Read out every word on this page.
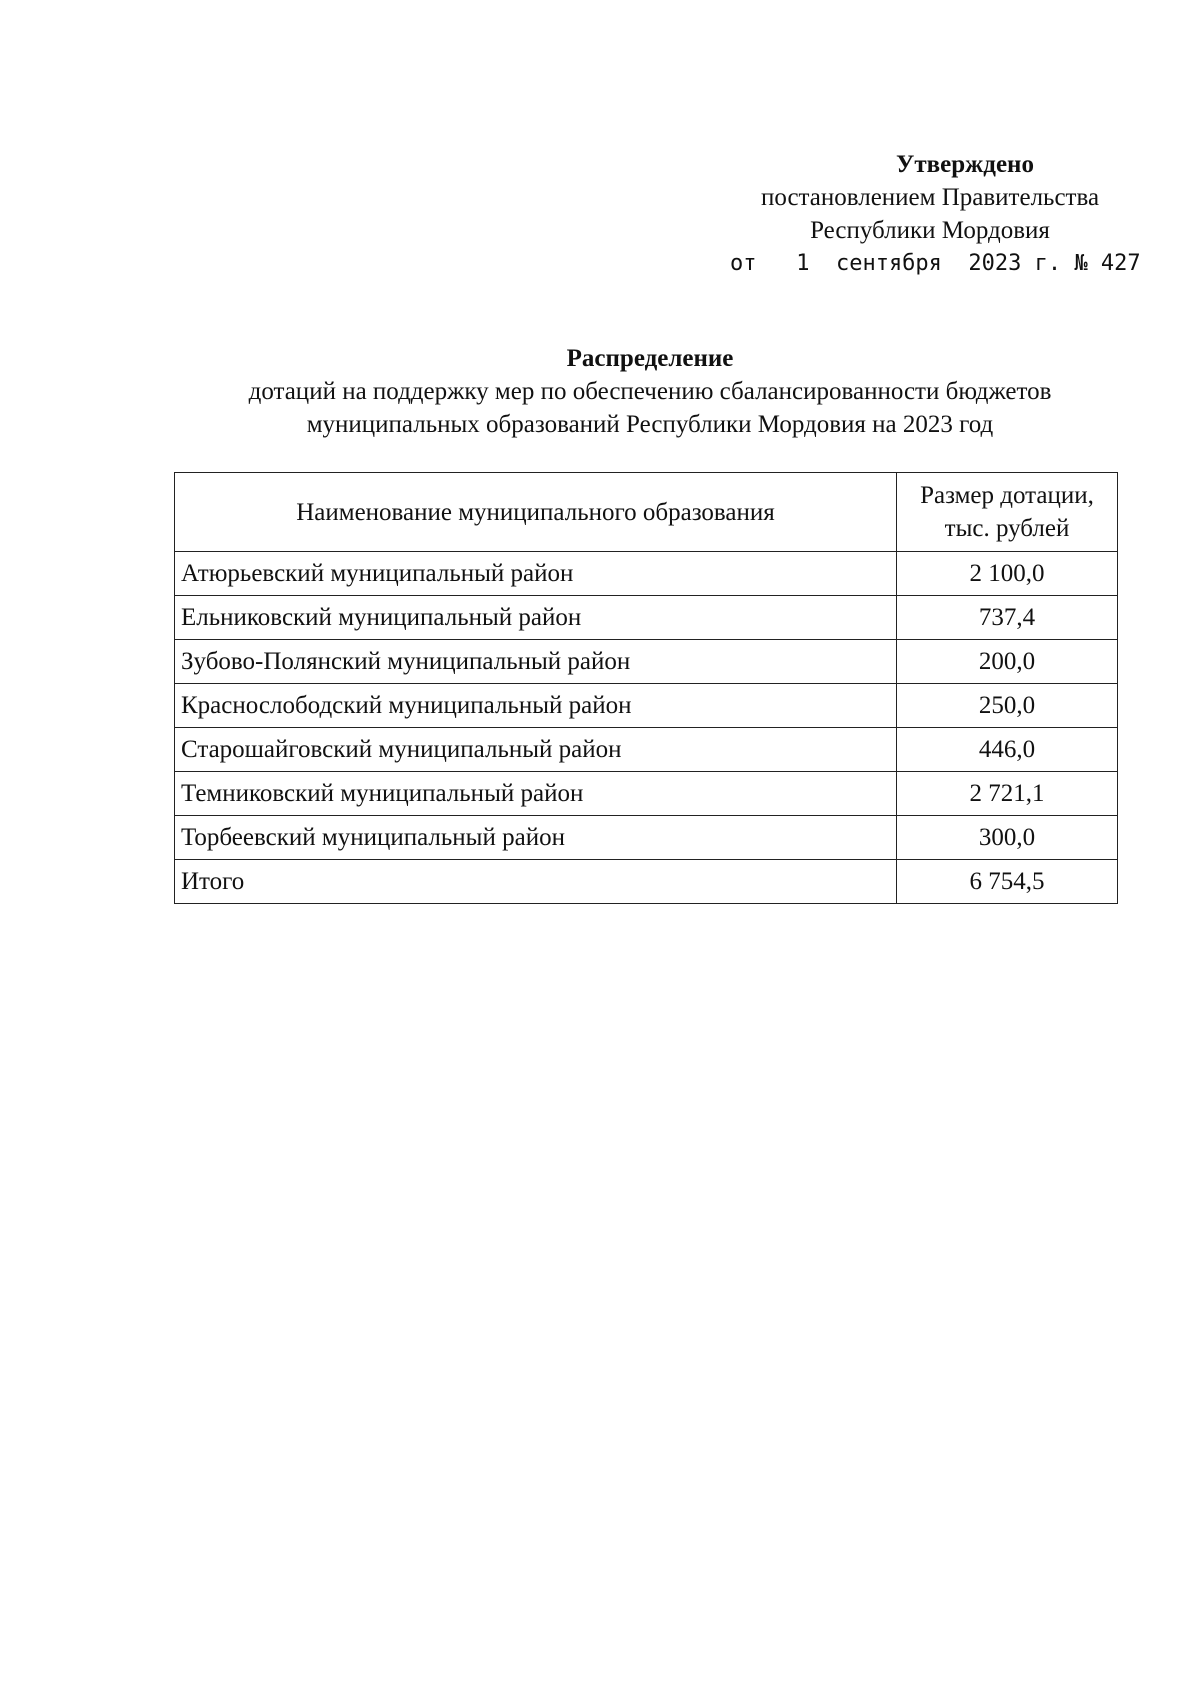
Утверждено
постановлением Правительства
Республики Мордовия
от   1  сентября  2023 г. № 427
Распределение
дотаций на поддержку мер по обеспечению сбалансированности бюджетов
муниципальных образований Республики Мордовия на 2023 год
Наименование муниципального образования	Размер дотации,
тыс. рублей

Атюрьевский муниципальный район	2 100,0
Ельниковский муниципальный район	737,4
Зубово-Полянский муниципальный район	200,0
Краснослободский муниципальный район	250,0
Старошайговский муниципальный район	446,0
Темниковский муниципальный район	2 721,1
Торбеевский муниципальный район	300,0
Итого	6 754,5
